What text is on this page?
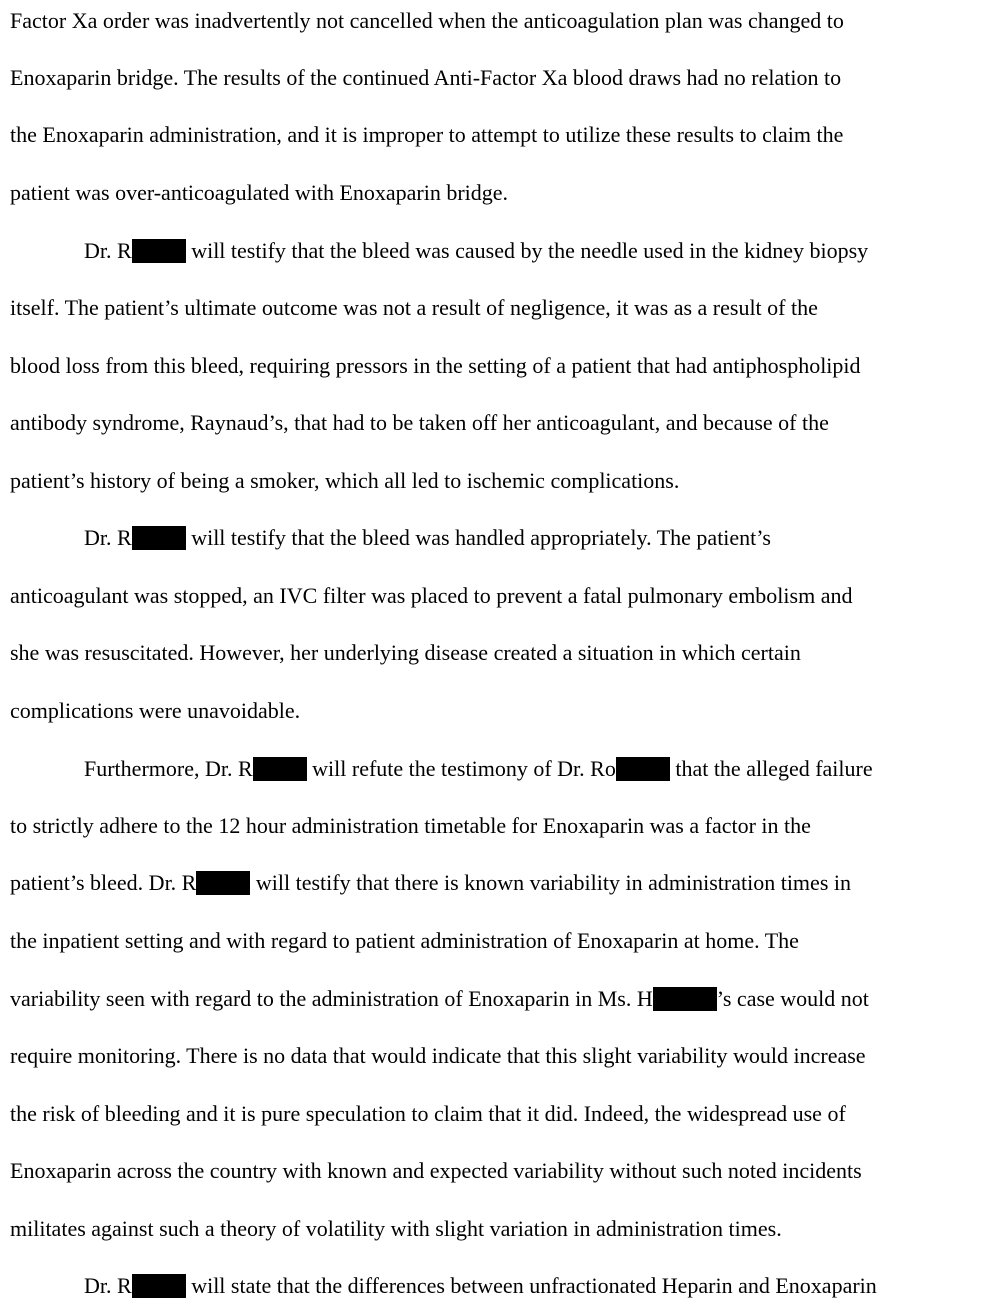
Factor Xa order was inadvertently not cancelled when the anticoagulation plan was changed to
Enoxaparin bridge. The results of the continued Anti-Factor Xa blood draws had no relation to
the Enoxaparin administration, and it is improper to attempt to utilize these results to claim the
patient was over-anticoagulated with Enoxaparin bridge.
Dr. R will testify that the bleed was caused by the needle used in the kidney biopsy
itself. The patient’s ultimate outcome was not a result of negligence, it was as a result of the
blood loss from this bleed, requiring pressors in the setting of a patient that had antiphospholipid
antibody syndrome, Raynaud’s, that had to be taken off her anticoagulant, and because of the
patient’s history of being a smoker, which all led to ischemic complications.
Dr. R will testify that the bleed was handled appropriately. The patient’s
anticoagulant was stopped, an IVC filter was placed to prevent a fatal pulmonary embolism and
she was resuscitated. However, her underlying disease created a situation in which certain
complications were unavoidable.
Furthermore, Dr. R will refute the testimony of Dr. Ro that the alleged failure
to strictly adhere to the 12 hour administration timetable for Enoxaparin was a factor in the
patient’s bleed. Dr. R will testify that there is known variability in administration times in
the inpatient setting and with regard to patient administration of Enoxaparin at home. The
variability seen with regard to the administration of Enoxaparin in Ms. H	’s case would not
require monitoring. There is no data that would indicate that this slight variability would increase
the risk of bleeding and it is pure speculation to claim that it did. Indeed, the widespread use of
Enoxaparin across the country with known and expected variability without such noted incidents
militates against such a theory of volatility with slight variation in administration times.
Dr. R will state that the differences between unfractionated Heparin and Enoxaparin
